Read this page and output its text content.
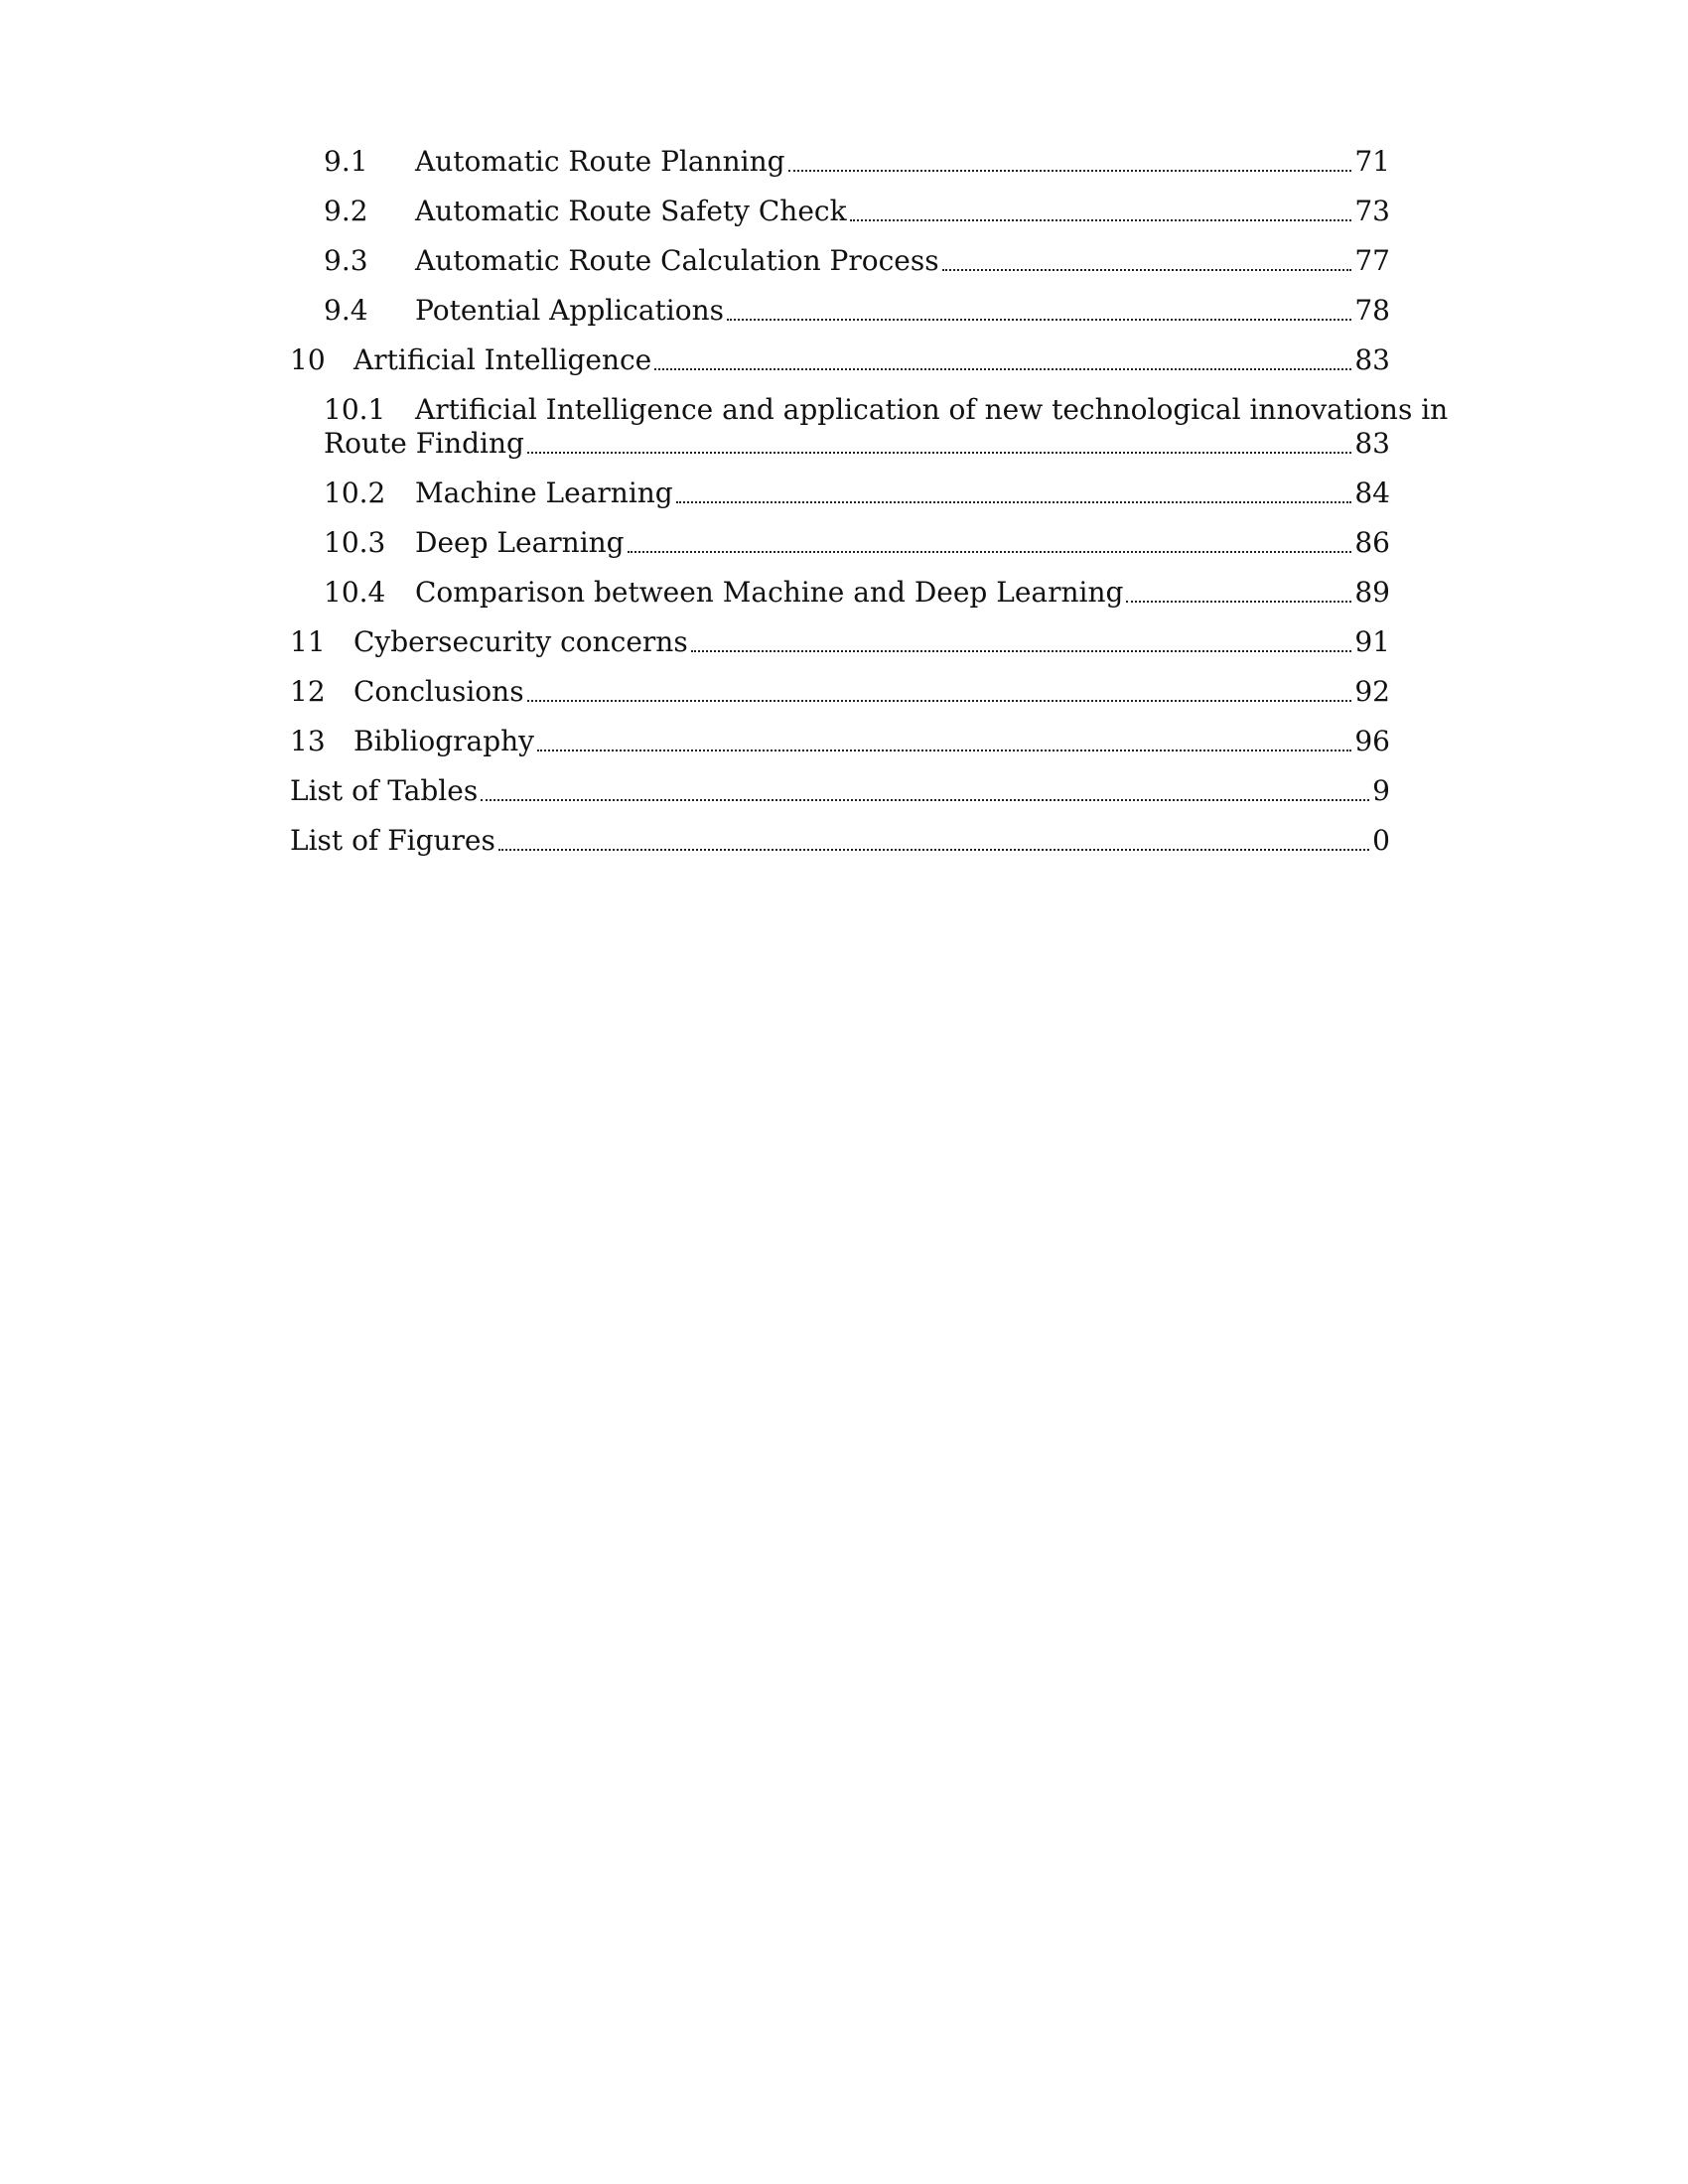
9.1	Automatic Route Planning	71
9.2	Automatic Route Safety Check	73
9.3	Automatic Route Calculation Process	77
9.4	Potential Applications	78
10	Artificial Intelligence	83
10.1	Artificial Intelligence and application of new technological innovations in
Route Finding	83
10.2	Machine Learning	84
10.3	Deep Learning	86
10.4	Comparison between Machine and Deep Learning	89
11	Cybersecurity concerns	91
12	Conclusions	92
13	Bibliography	96
List of Tables	9
List of Figures	0
